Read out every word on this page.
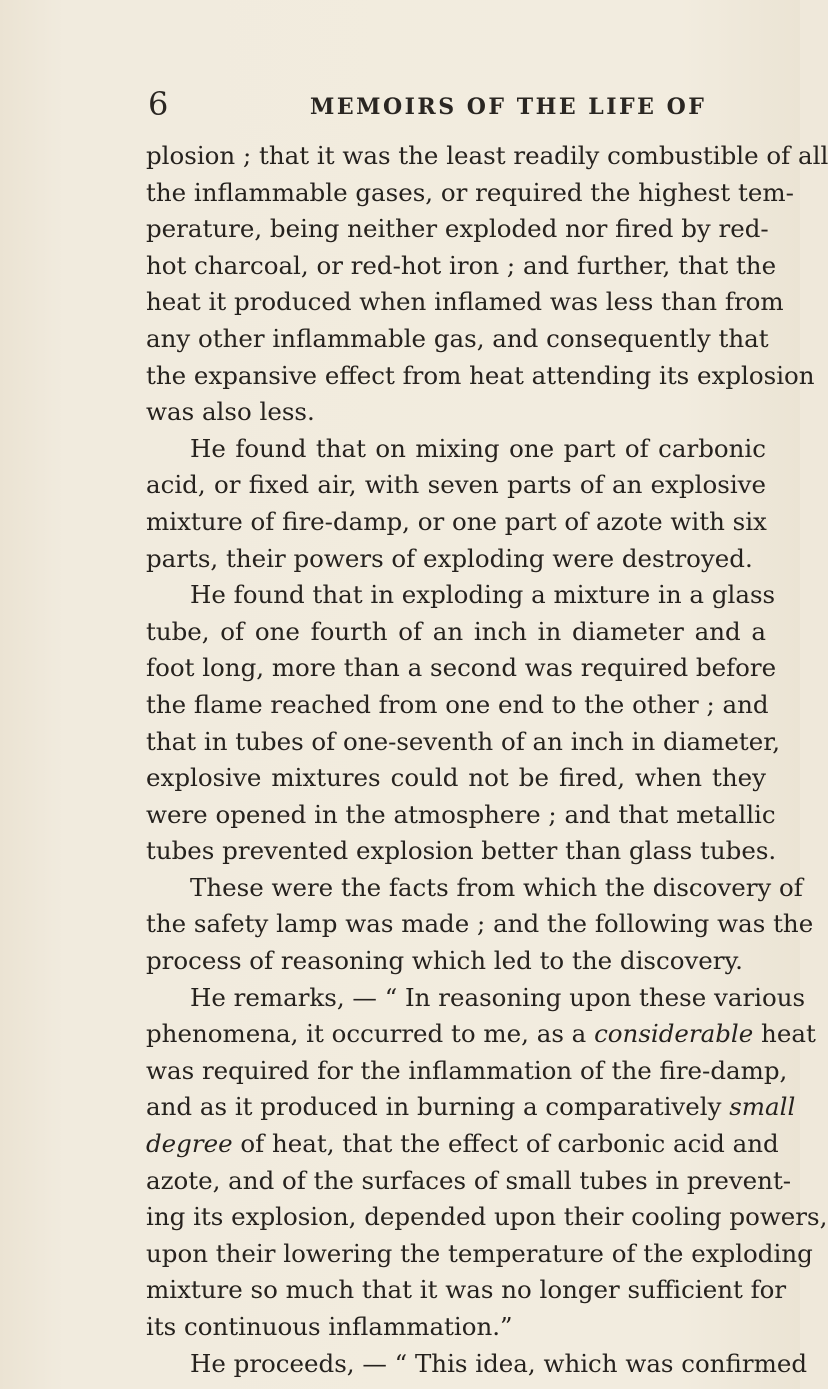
6	MEMOIRS OF THE LIFE OF
plosion ; that it was the least readily combustible of all
the inflammable gases, or required the highest tem-
perature, being neither exploded nor fired by red-
hot charcoal, or red-hot iron ; and further, that the
heat it produced when inflamed was less than from
any other inflammable gas, and consequently that
the expansive effect from heat attending its explosion
was also less.
He found that on mixing one part of carbonic
acid, or fixed air, with seven parts of an explosive
mixture of fire-damp, or one part of azote with six
parts, their powers of exploding were destroyed.
He found that in exploding a mixture in a glass
tube, of one fourth of an inch in diameter and a
foot long, more than a second was required before
the flame reached from one end to the other ; and
that in tubes of one-seventh of an inch in diameter,
explosive mixtures could not be fired, when they
were opened in the atmosphere ; and that metallic
tubes prevented explosion better than glass tubes.
These were the facts from which the discovery of
the safety lamp was made ; and the following was the
process of reasoning which led to the discovery.
He remarks, — “ In reasoning upon these various
phenomena, it occurred to me, as a considerable heat
was required for the inflammation of the fire-damp,
and as it produced in burning a comparatively small
degree of heat, that the effect of carbonic acid and
azote, and of the surfaces of small tubes in prevent-
ing its explosion, depended upon their cooling powers,
upon their lowering the temperature of the exploding
mixture so much that it was no longer sufficient for
its continuous inflammation.”
He proceeds, — “ This idea, which was confirmed
